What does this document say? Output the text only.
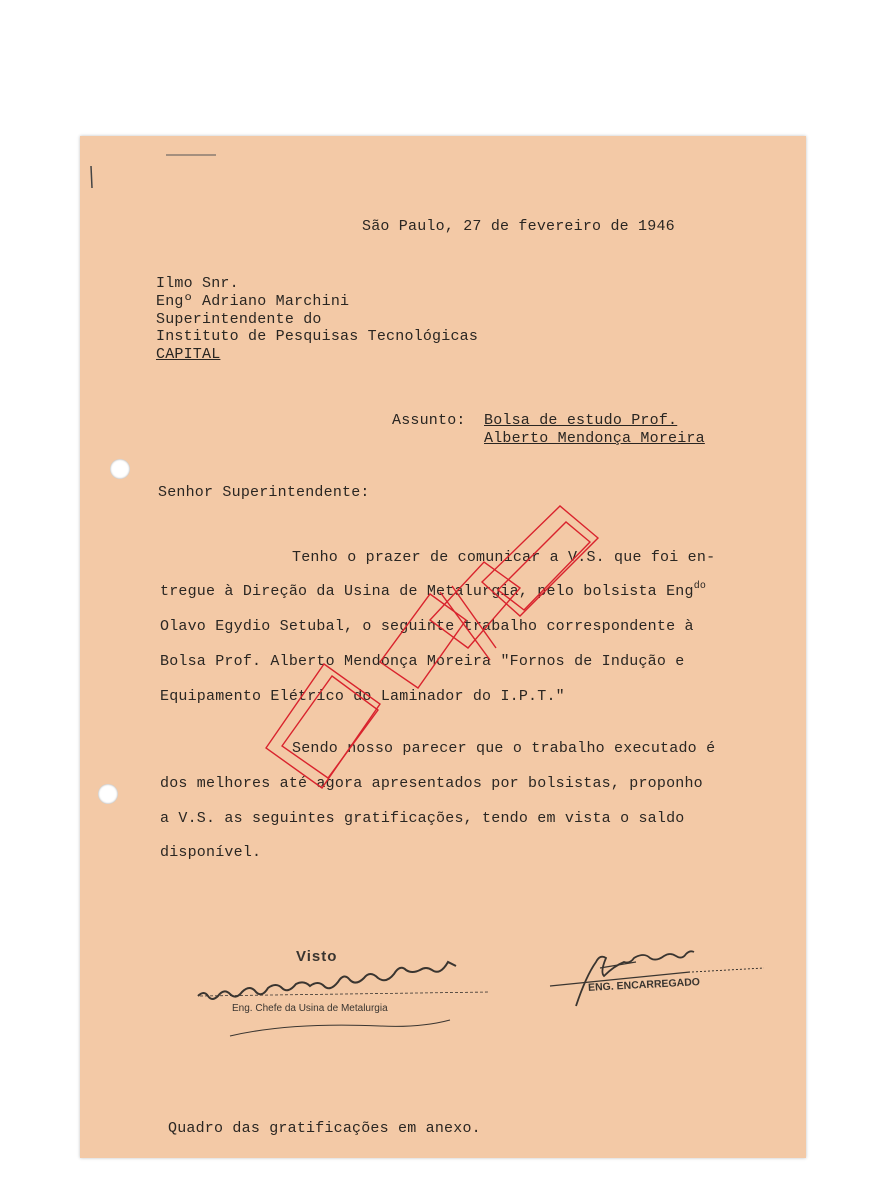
São Paulo, 27 de fevereiro de 1946
Ilmo Snr.
Engº Adriano Marchini
Superintendente do
Instituto de Pesquisas Tecnológicas
CAPITAL
Assunto: Bolsa de estudo Prof.
Alberto Mendonça Moreira
Senhor Superintendente:
Tenho o prazer de comunicar a V.S. que foi en-
tregue à Direção da Usina de Metalurgia, pelo bolsista Eng$^{do}$
Olavo Egydio Setubal, o seguinte trabalho correspondente à
Bolsa Prof. Alberto Mendonça Moreira "Fornos de Indução e
Equipamento Elétrico do Laminador do I.P.T."
Sendo nosso parecer que o trabalho executado é
dos melhores até agora apresentados por bolsistas, proponho
a V.S. as seguintes gratificações, tendo em vista o saldo
disponível.
Visto
Eng. Chefe da Usina de Metalurgia
ENG. ENCARREGADO
Quadro das gratificações em anexo.
